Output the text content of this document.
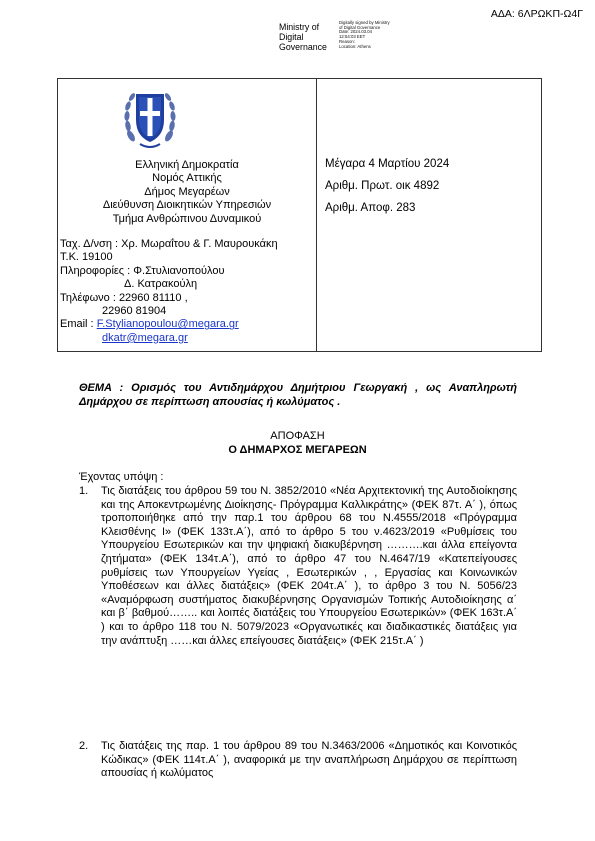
ΑΔΑ: 6ΛΡΩΚΠ-Ω4Γ
Ministry of
Digital
Governance
Digitally signed by Ministry
of Digital Governance
Date: 2024.03.04
12:54:03 EET
Reason:
Location: Athens
Ελληνική Δημοκρατία
Νομός Αττικής
Δήμος Μεγαρέων
Διεύθυνση Διοικητικών Υπηρεσιών
Τμήμα Ανθρώπινου Δυναμικού
Ταχ. Δ/νση : Χρ. Μωραΐτου & Γ. Μαυρουκάκη
Τ.Κ. 19100
Πληροφορίες : Φ.Στυλιανοπούλου
Δ. Κατρακούλη
Τηλέφωνο : 22960 81110 ,
22960 81904
Email : F.Stylianopoulou@megara.gr
dkatr@megara.gr
Μέγαρα 4 Μαρτίου 2024
Αριθμ. Πρωτ. οικ 4892
Αριθμ. Αποφ. 283
ΘΕΜΑ : Ορισμός του Αντιδημάρχου Δημήτριου Γεωργακή , ως Αναπληρωτή Δημάρχου σε περίπτωση απουσίας ή κωλύματος .
ΑΠΟΦΑΣΗ
Ο ΔΗΜΑΡΧΟΣ ΜΕΓΑΡΕΩΝ
Έχοντας υπόψη :
1. Τις διατάξεις του άρθρου 59 του Ν. 3852/2010 «Νέα Αρχιτεκτονική της Αυτοδιοίκησης και της Αποκεντρωμένης Διοίκησης- Πρόγραμμα Καλλικράτης» (ΦΕΚ 87τ. Α΄ ), όπως τροποποιήθηκε από την παρ.1 του άρθρου 68 του Ν.4555/2018 «Πρόγραμμα Κλεισθένης Ι» (ΦΕΚ 133τ.Α΄), από το άρθρο 5 του ν.4623/2019 «Ρυθμίσεις του Υπουργείου Εσωτερικών και την ψηφιακή διακυβέρνηση ……….και άλλα επείγοντα ζητήματα» (ΦΕΚ 134τ.Α΄), από το άρθρο 47 του Ν.4647/19 «Κατεπείγουσες ρυθμίσεις των Υπουργείων Υγείας , Εσωτερικών , , Εργασίας και Κοινωνικών Υποθέσεων και άλλες διατάξεις» (ΦΕΚ 204τ.Α΄ ), το άρθρο 3 του Ν. 5056/23 «Αναμόρφωση συστήματος διακυβέρνησης Οργανισμών Τοπικής Αυτοδιοίκησης α΄ και β΄ βαθμού…….. και λοιπές διατάξεις του Υπουργείου Εσωτερικών» (ΦΕΚ 163τ.Α΄ ) και το άρθρο 118 του Ν. 5079/2023 «Οργανωτικές και διαδικαστικές διατάξεις για την ανάπτυξη ……και άλλες επείγουσες διατάξεις» (ΦΕΚ 215τ.Α΄ )
2. Τις διατάξεις της παρ. 1 του άρθρου 89 του Ν.3463/2006 «Δημοτικός και Κοινοτικός Κώδικας» (ΦΕΚ 114τ.Α΄ ), αναφορικά με την αναπλήρωση Δημάρχου σε περίπτωση απουσίας ή κωλύματος
